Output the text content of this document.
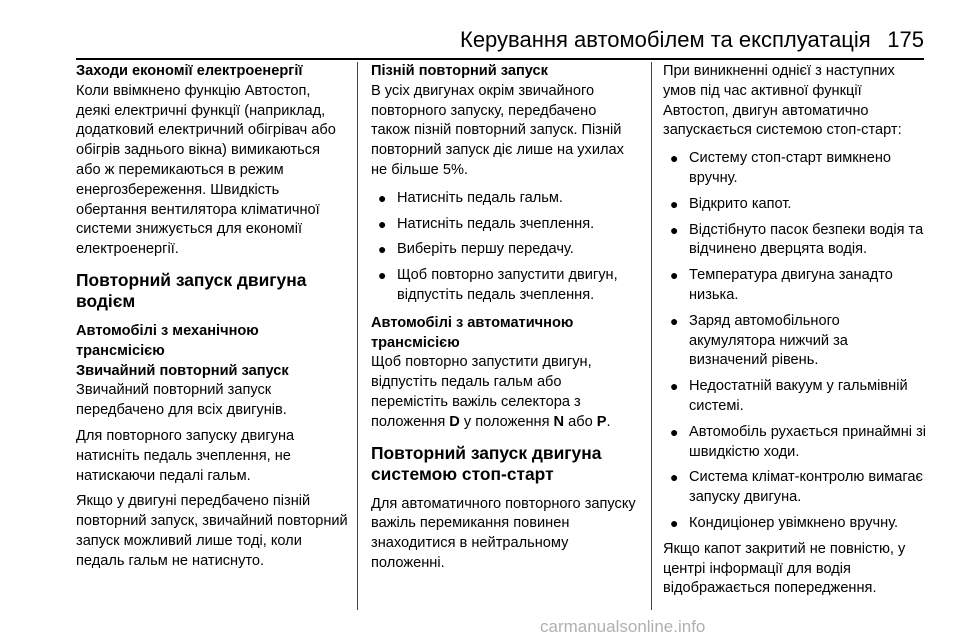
Керування автомобілем та експлуатація 175
Заходи економії електроенергії

Коли ввімкнено функцію Автостоп, деякі електричні функції (наприклад, додатковий електричний обігрівач або обігрів заднього вікна) вимикаються або ж перемикаються в режим енергозбереження. Швидкість обертання вентилятора кліматичної системи знижується для економії електроенергії.

Повторний запуск двигуна водієм
Автомобілі з механічною трансмісією
Звичайний повторний запуск

Звичайний повторний запуск передбачено для всіх двигунів.

Для повторного запуску двигуна натисніть педаль зчеплення, не натискаючи педалі гальм.

Якщо у двигуні передбачено пізній повторний запуск, звичайний повторний запуск можливий лише тоді, коли педаль гальм не натиснуто.

Пізній повторний запуск

В усіх двигунах окрім звичайного повторного запуску, передбачено також пізній повторний запуск. Пізній повторний запуск діє лише на ухилах не більше 5%.

● Натисніть педаль гальм.
● Натисніть педаль зчеплення.
● Виберіть першу передачу.
● Щоб повторно запустити двигун, відпустіть педаль зчеплення.
Автомобілі з автоматичною трансмісією

Щоб повторно запустити двигун, відпустіть педаль гальм або перемістіть важіль селектора з положення D у положення N або P.

Повторний запуск двигуна системою стоп-старт

Для автоматичного повторного запуску важіль перемикання повинен знаходитися в нейтральному положенні.

При виникненні однієї з наступних умов під час активної функції Автостоп, двигун автоматично запускається системою стоп-старт:

● Систему стоп-старт вимкнено вручну.
● Відкрито капот.
● Відстібнуто пасок безпеки водія та відчинено дверцята водія.
● Температура двигуна занадто низька.
● Заряд автомобільного акумулятора нижчий за визначений рівень.
● Недостатній вакуум у гальмівній системі.
● Автомобіль рухається принаймні зі швидкістю ходи.
● Система клімат-контролю вимагає запуску двигуна.
● Кондиціонер увімкнено вручну.

Якщо капот закритий не повністю, у центрі інформації для водія відображається попередження.

carmanualsonline.info
